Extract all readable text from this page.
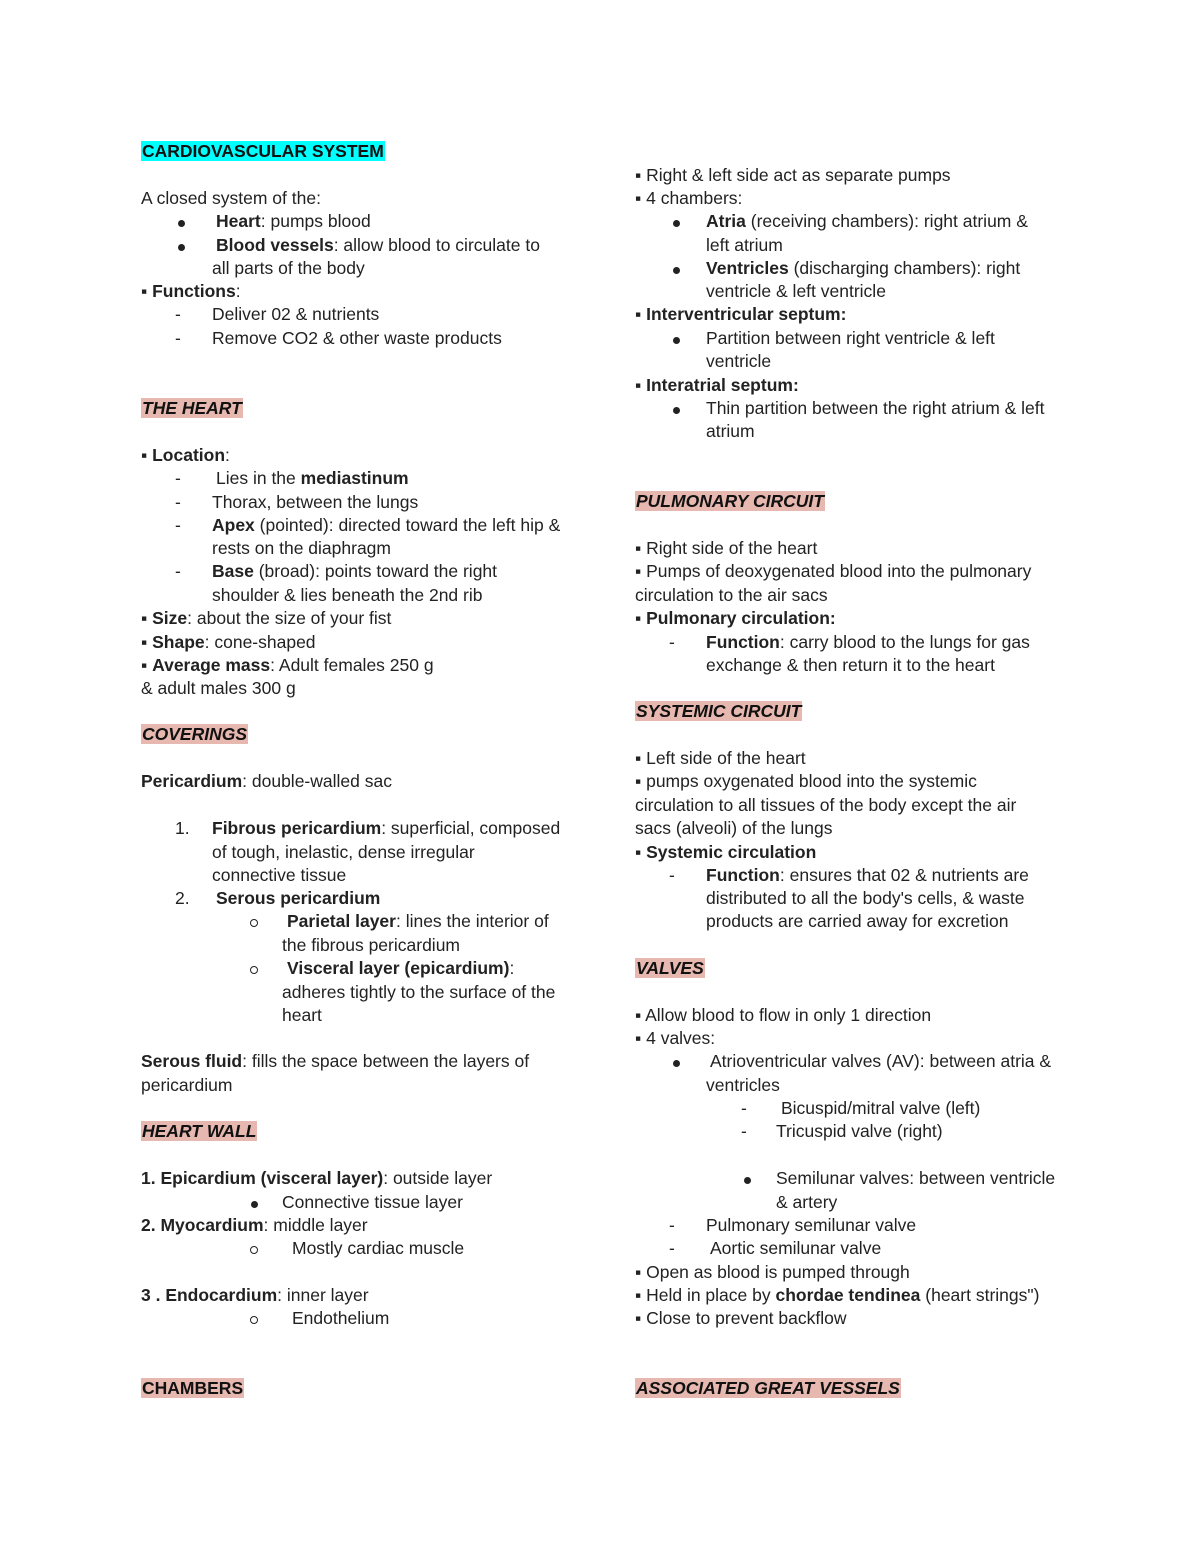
CARDIOVASCULAR SYSTEM
A closed system of the:
Heart: pumps blood
Blood vessels: allow blood to circulate to
all parts of the body
▪ Functions:
- Deliver 02 & nutrients
- Remove CO2 & other waste products
THE HEART
▪ Location:
- Lies in the mediastinum
- Thorax, between the lungs
- Apex (pointed): directed toward the left hip &
rests on the diaphragm
- Base (broad): points toward the right
shoulder & lies beneath the 2nd rib
▪ Size: about the size of your fist
▪ Shape: cone-shaped
▪ Average mass: Adult females 250 g
& adult males 300 g
COVERINGS
Pericardium: double-walled sac
1. Fibrous pericardium: superficial, composed
of tough, inelastic, dense irregular
connective tissue
2. Serous pericardium
Parietal layer: lines the interior of
the fibrous pericardium
Visceral layer (epicardium):
adheres tightly to the surface of the
heart
Serous fluid: fills the space between the layers of
pericardium
HEART WALL
1. Epicardium (visceral layer): outside layer
Connective tissue layer
2. Myocardium: middle layer
Mostly cardiac muscle
3 . Endocardium: inner layer
Endothelium
CHAMBERS
▪ Right & left side act as separate pumps
▪ 4 chambers:
Atria (receiving chambers): right atrium &
left atrium
Ventricles (discharging chambers): right
ventricle & left ventricle
▪ Interventricular septum:
Partition between right ventricle & left
ventricle
▪ Interatrial septum:
Thin partition between the right atrium & left
atrium
PULMONARY CIRCUIT
▪ Right side of the heart
▪ Pumps of deoxygenated blood into the pulmonary
circulation to the air sacs
▪ Pulmonary circulation:
- Function: carry blood to the lungs for gas
exchange & then return it to the heart
SYSTEMIC CIRCUIT
▪ Left side of the heart
▪ pumps oxygenated blood into the systemic
circulation to all tissues of the body except the air
sacs (alveoli) of the lungs
▪ Systemic circulation
- Function: ensures that 02 & nutrients are
distributed to all the body's cells, & waste
products are carried away for excretion
VALVES
▪ Allow blood to flow in only 1 direction
▪ 4 valves:
Atrioventricular valves (AV): between atria &
ventricles
- Bicuspid/mitral valve (left)
- Tricuspid valve (right)
Semilunar valves: between ventricle
& artery
- Pulmonary semilunar valve
- Aortic semilunar valve
▪ Open as blood is pumped through
▪ Held in place by chordae tendinea (heart strings")
▪ Close to prevent backflow
ASSOCIATED GREAT VESSELS
